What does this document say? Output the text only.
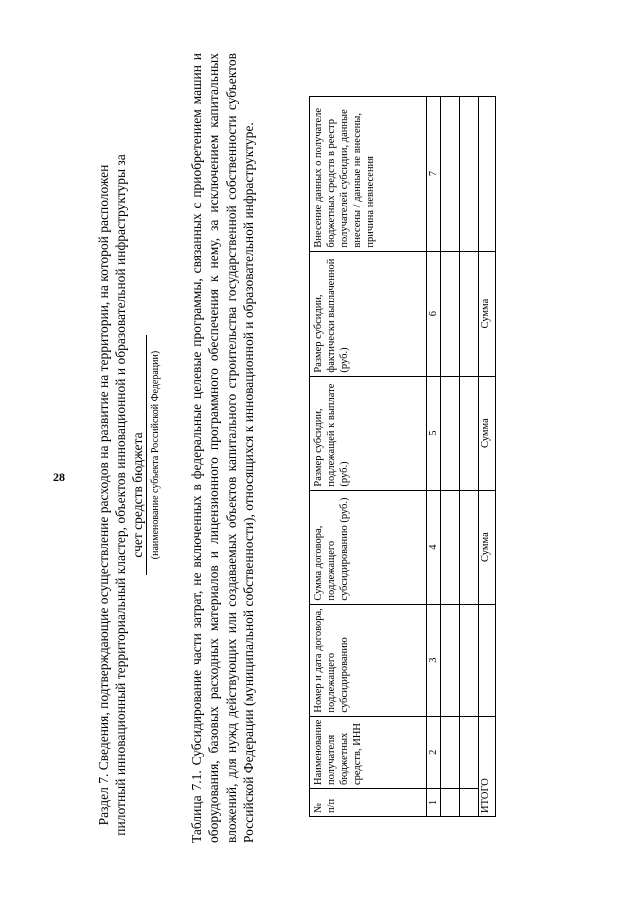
28 Раздел 7. Сведения, подтверждающие осуществление расходов на развитие на территории, на которой расположен пилотный инновационный территориальный кластер, объектов инновационной и образовательной инфраструктуры за счет средств бюджета (наименование субъекта Российской Федерации) Таблица 7.1. Субсидирование части затрат, не включенных в федеральные целевые программы, связанных с приобретением машин и оборудования, базовых расходных материалов и лицензионного программного обеспечения к нему, за исключением капитальных вложений, для нужд действующих или создаваемых объектов капитального строительства государственной собственности субъектов Российской Федерации (муниципальной собственности), относящихся к инновационной и образовательной инфраструктуре.	№ п/п	Наименование получателя бюджетных средств, ИНН	Номер и дата договора, подлежащего субсидированию	Сумма договора, подлежащего субсидированию (руб.)	Размер субсидии, подлежащей к выплате (руб.)	Размер субсидии, фактически выплаченной (руб.)	Внесение данных о получателе бюджетных средств в реестр получателей субсидии, данные внесены / данные не внесены, причина невнесения
1	2	3	4	5	6	7

ИТОГО			Сумма	Сумма	Сумма	
